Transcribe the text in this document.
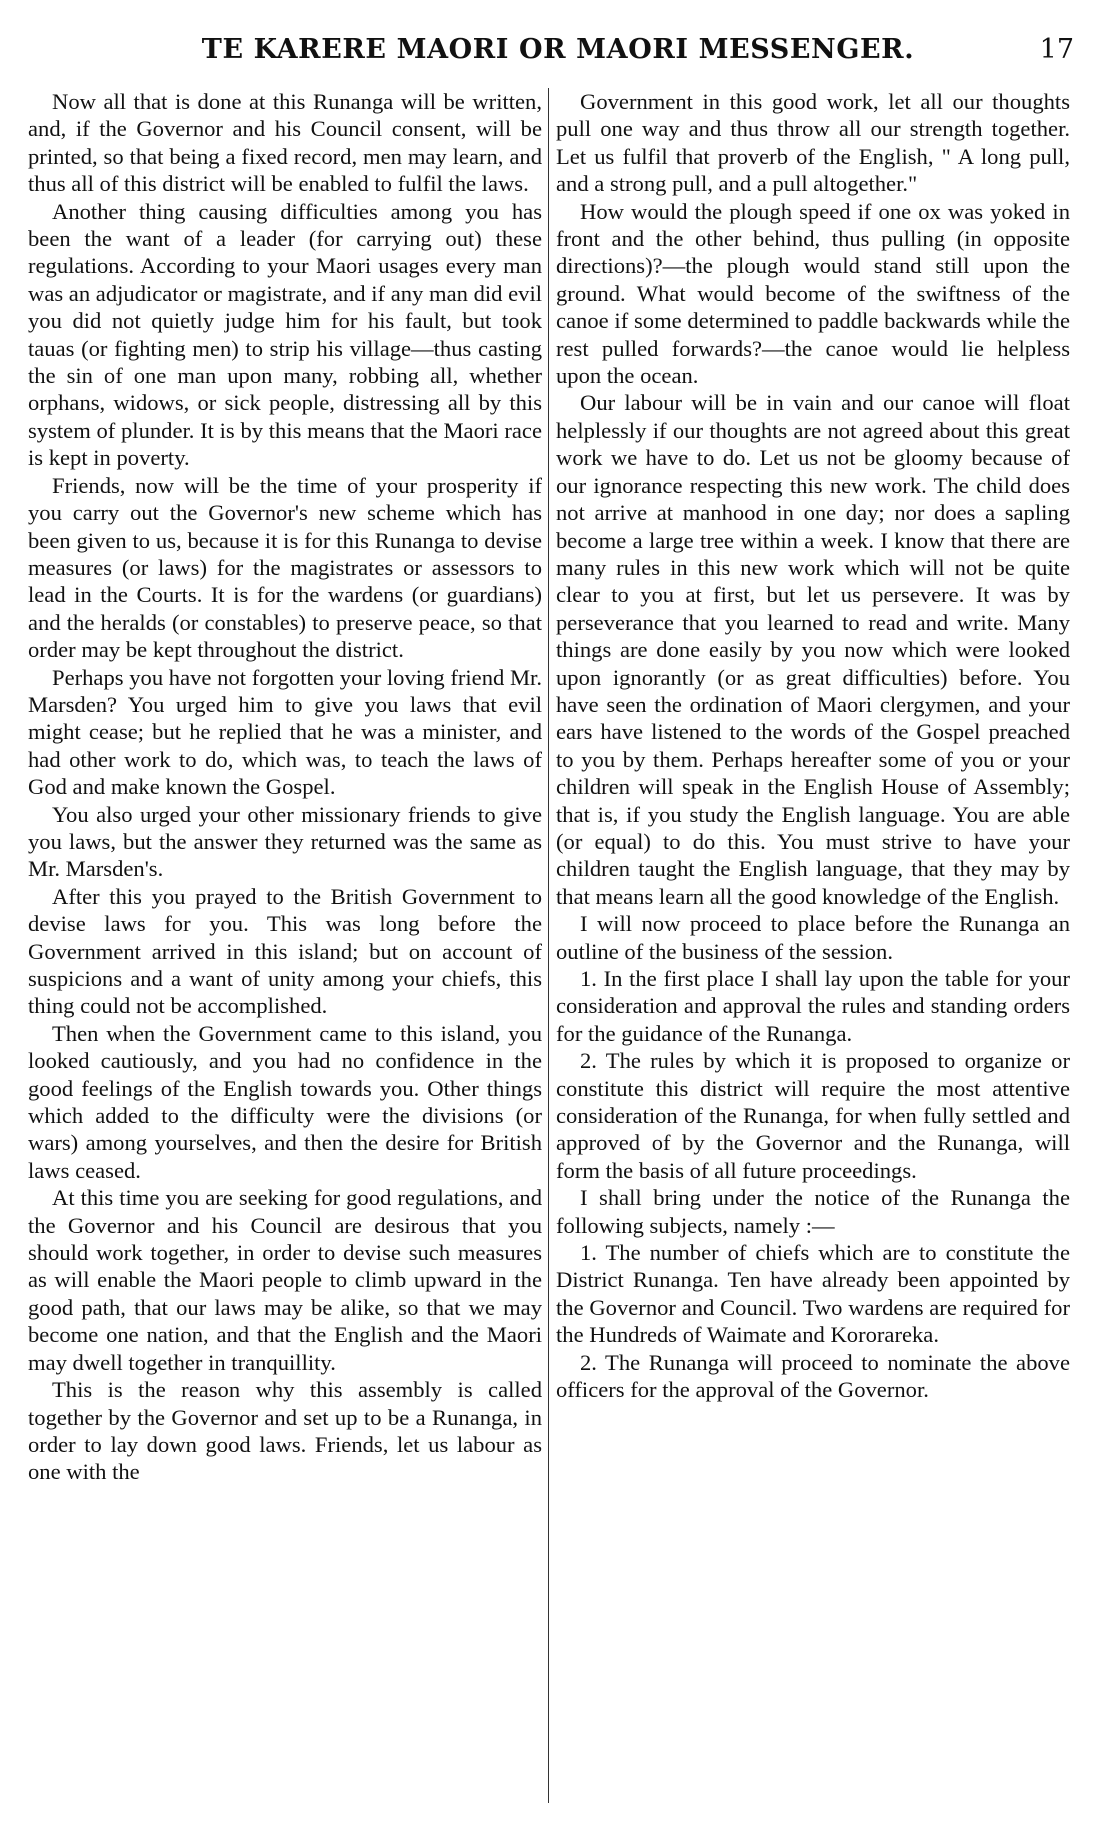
TE KARERE MAORI OR MAORI MESSENGER.	17

Now all that is done at this Runanga will be written, and, if the Governor and his Council consent, will be printed, so that being a fixed record, men may learn, and thus all of this district will be enabled to fulfil the laws.

Another thing causing difficulties among you has been the want of a leader (for carrying out) these regulations. According to your Maori usages every man was an adjudicator or magistrate, and if any man did evil you did not quietly judge him for his fault, but took tauas (or fighting men) to strip his village—thus casting the sin of one man upon many, robbing all, whether orphans, widows, or sick people, distressing all by this system of plunder. It is by this means that the Maori race is kept in poverty.

Friends, now will be the time of your prosperity if you carry out the Governor's new scheme which has been given to us, because it is for this Runanga to devise measures (or laws) for the magistrates or assessors to lead in the Courts. It is for the wardens (or guardians) and the heralds (or constables) to preserve peace, so that order may be kept throughout the district.

Perhaps you have not forgotten your loving friend Mr. Marsden? You urged him to give you laws that evil might cease; but he replied that he was a minister, and had other work to do, which was, to teach the laws of God and make known the Gospel.

You also urged your other missionary friends to give you laws, but the answer they returned was the same as Mr. Marsden's.

After this you prayed to the British Government to devise laws for you. This was long before the Government arrived in this island; but on account of suspicions and a want of unity among your chiefs, this thing could not be accomplished.

Then when the Government came to this island, you looked cautiously, and you had no confidence in the good feelings of the English towards you. Other things which added to the difficulty were the divisions (or wars) among yourselves, and then the desire for British laws ceased.

At this time you are seeking for good regulations, and the Governor and his Council are desirous that you should work together, in order to devise such measures as will enable the Maori people to climb upward in the good path, that our laws may be alike, so that we may become one nation, and that the English and the Maori may dwell together in tranquillity.

This is the reason why this assembly is called together by the Governor and set up to be a Runanga, in order to lay down good laws. Friends, let us labour as one with the

Government in this good work, let all our thoughts pull one way and thus throw all our strength together. Let us fulfil that proverb of the English, " A long pull, and a strong pull, and a pull altogether."

How would the plough speed if one ox was yoked in front and the other behind, thus pulling (in opposite directions)?—the plough would stand still upon the ground. What would become of the swiftness of the canoe if some determined to paddle backwards while the rest pulled forwards?—the canoe would lie helpless upon the ocean.

Our labour will be in vain and our canoe will float helplessly if our thoughts are not agreed about this great work we have to do. Let us not be gloomy because of our ignorance respecting this new work. The child does not arrive at manhood in one day; nor does a sapling become a large tree within a week. I know that there are many rules in this new work which will not be quite clear to you at first, but let us persevere. It was by perseverance that you learned to read and write. Many things are done easily by you now which were looked upon ignorantly (or as great difficulties) before. You have seen the ordination of Maori clergymen, and your ears have listened to the words of the Gospel preached to you by them. Perhaps hereafter some of you or your children will speak in the English House of Assembly; that is, if you study the English language. You are able (or equal) to do this. You must strive to have your children taught the English language, that they may by that means learn all the good knowledge of the English.

I will now proceed to place before the Runanga an outline of the business of the session.

1. In the first place I shall lay upon the table for your consideration and approval the rules and standing orders for the guidance of the Runanga.

2. The rules by which it is proposed to organize or constitute this district will require the most attentive consideration of the Runanga, for when fully settled and approved of by the Governor and the Runanga, will form the basis of all future proceedings.

I shall bring under the notice of the Runanga the following subjects, namely :—

1. The number of chiefs which are to constitute the District Runanga. Ten have already been appointed by the Governor and Council. Two wardens are required for the Hundreds of Waimate and Kororareka.

2. The Runanga will proceed to nominate the above officers for the approval of the Governor.
